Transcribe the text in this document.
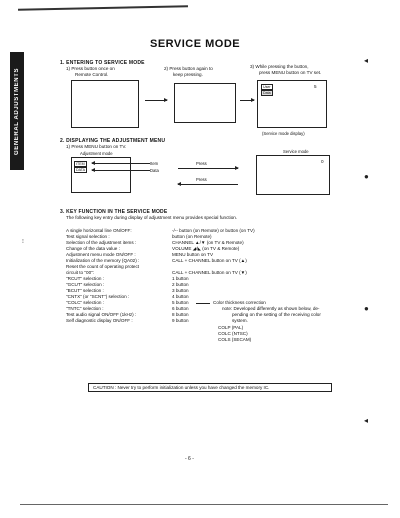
GENERAL ADJUSTMENTS
SERVICE MODE
1. ENTERING TO SERVICE MODE
1) Press button once on
Remote Control.
2) Press button again to
keep pressing.
3) While pressing the button,
press MENU button on TV set.
User
Data
5
(Service mode display)
2. DISPLAYING THE ADJUSTMENT MENU
1) Press MENU button on TV.
Adjustment mode
ITEM
DATA
Item
Data
Press
Press
Service mode
0
3. KEY FUNCTION IN THE SERVICE MODE
The following key entry during display of adjustment menu provides special function.
A single horizontal line ON/OFF:
Test signal selection :
Selection of the adjustment items :
Change of the data value :
Adjustment menu mode ON/OFF :
Initialization of the memory (QA02) :
Reset the count of operating protect
circuit to "00":
"RCUT" selection :
"GCUT" selection :
"BCUT" selection :
"CNTX" (or "SCNT") selection :
"COLC" selection :
"TNTC" selection :
Test audio signal ON/OFF (1kHz) :
Self diagnostic display ON/OFF :
-/-- button (on Remote) or button (on TV)
button (on Remote)
CHANNEL ▲/▼ (on TV & Remote)
VOLUME ◢/◣ (on TV & Remote)
MENU button on TV
CALL + CHANNEL button on TV (▲)
CALL + CHANNEL button on TV (▼)
1 button
2 button
3 button
4 button
5 button
6 button
8 button
9 button
Color thickness correction
note: Developed differently as shown below, de-
pending on the setting of the receiving color
system.
COLP (PAL)
COLC (NTSC)
COLS (SECAM)
CAUTION : Never try to perform initialization unless you have changed the memory IC.
◂
●
●
◂
⁝
- 6 -
